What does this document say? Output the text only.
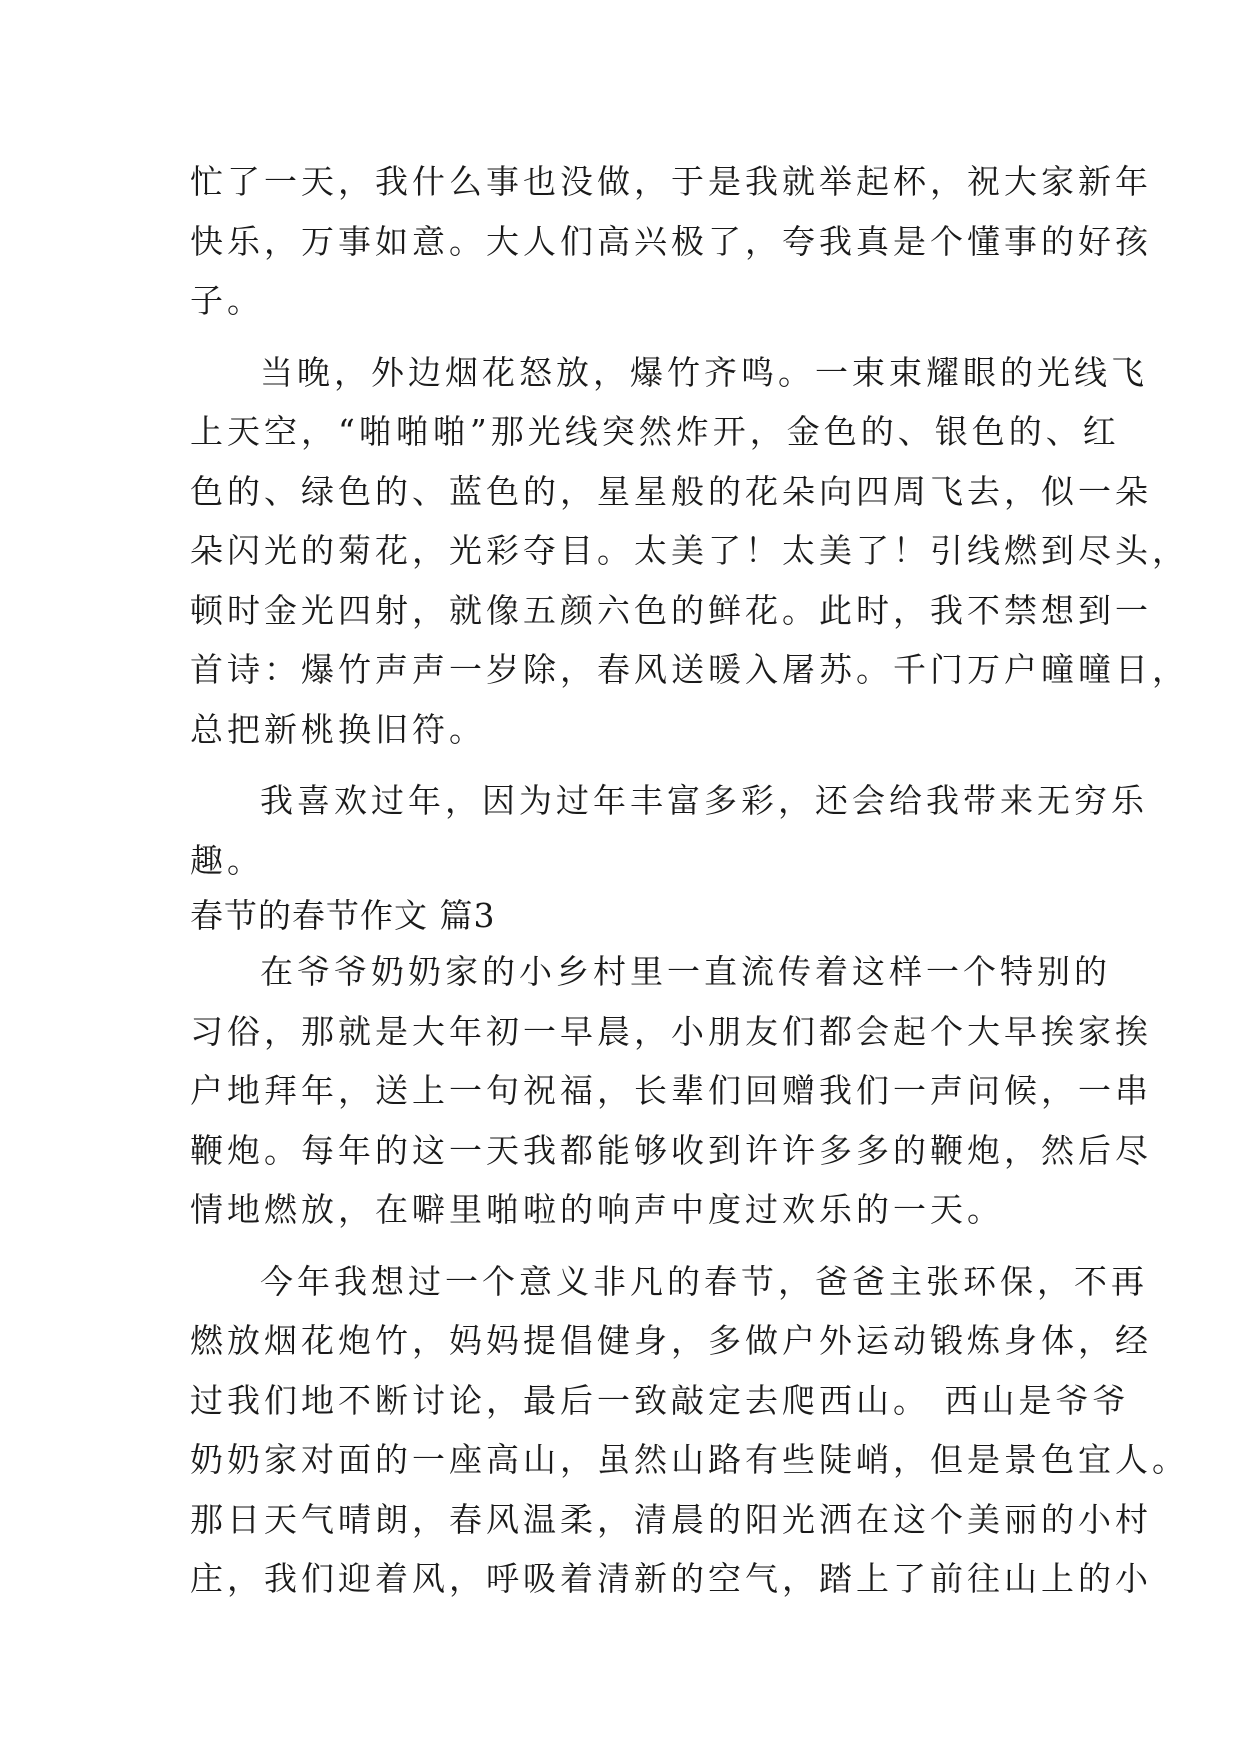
忙了一天，我什么事也没做，于是我就举起杯，祝大家新年
快乐，万事如意。大人们高兴极了，夸我真是个懂事的好孩
子。
当晚，外边烟花怒放，爆竹齐鸣。一束束耀眼的光线飞
上天空，“啪啪啪”那光线突然炸开，金色的、银色的、红
色的、绿色的、蓝色的，星星般的花朵向四周飞去，似一朵
朵闪光的菊花，光彩夺目。太美了！太美了！引线燃到尽头，
顿时金光四射，就像五颜六色的鲜花。此时，我不禁想到一
首诗：爆竹声声一岁除，春风送暖入屠苏。千门万户曈曈日，
总把新桃换旧符。
我喜欢过年，因为过年丰富多彩，还会给我带来无穷乐
趣。
春节的春节作文 篇3
在爷爷奶奶家的小乡村里一直流传着这样一个特别的
习俗，那就是大年初一早晨，小朋友们都会起个大早挨家挨
户地拜年，送上一句祝福，长辈们回赠我们一声问候，一串
鞭炮。每年的这一天我都能够收到许许多多的鞭炮，然后尽
情地燃放，在噼里啪啦的响声中度过欢乐的一天。
今年我想过一个意义非凡的春节，爸爸主张环保，不再
燃放烟花炮竹，妈妈提倡健身，多做户外运动锻炼身体，经
过我们地不断讨论，最后一致敲定去爬西山。 西山是爷爷
奶奶家对面的一座高山，虽然山路有些陡峭，但是景色宜人。
那日天气晴朗，春风温柔，清晨的阳光洒在这个美丽的小村
庄，我们迎着风，呼吸着清新的空气，踏上了前往山上的小
